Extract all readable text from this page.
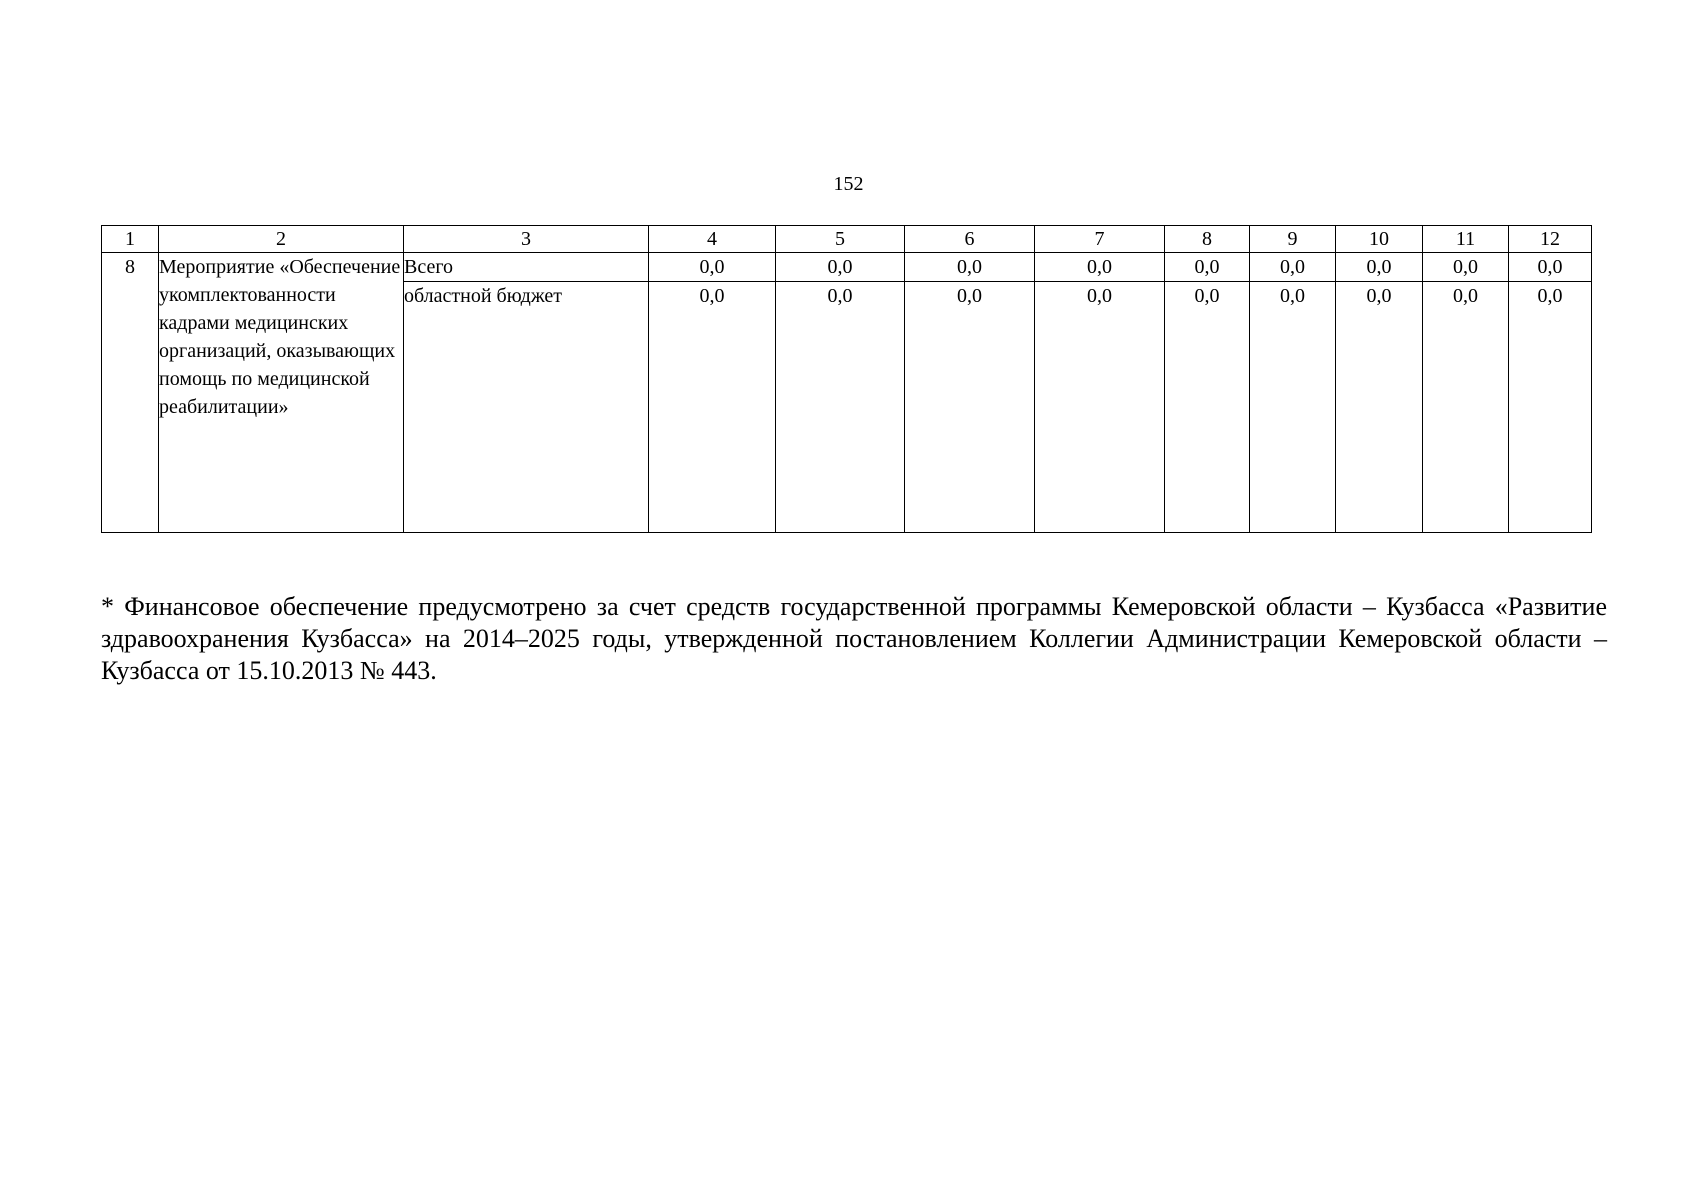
152
1	2	3	4	5	6	7	8	9	10	11	12
8	Мероприятие «Обеспечение укомплектованности кадрами медицинских организаций, оказывающих помощь по медицинской реабилитации»	Всего	0,0	0,0	0,0	0,0	0,0	0,0	0,0	0,0	0,0
		областной бюджет	0,0	0,0	0,0	0,0	0,0	0,0	0,0	0,0	0,0

* Финансовое обеспечение предусмотрено за счет средств государственной программы Кемеровской области – Кузбасса «Развитие здравоохранения Кузбасса» на 2014–2025 годы, утвержденной постановлением Коллегии Администрации Кемеровской области – Кузбасса от 15.10.2013 № 443.
